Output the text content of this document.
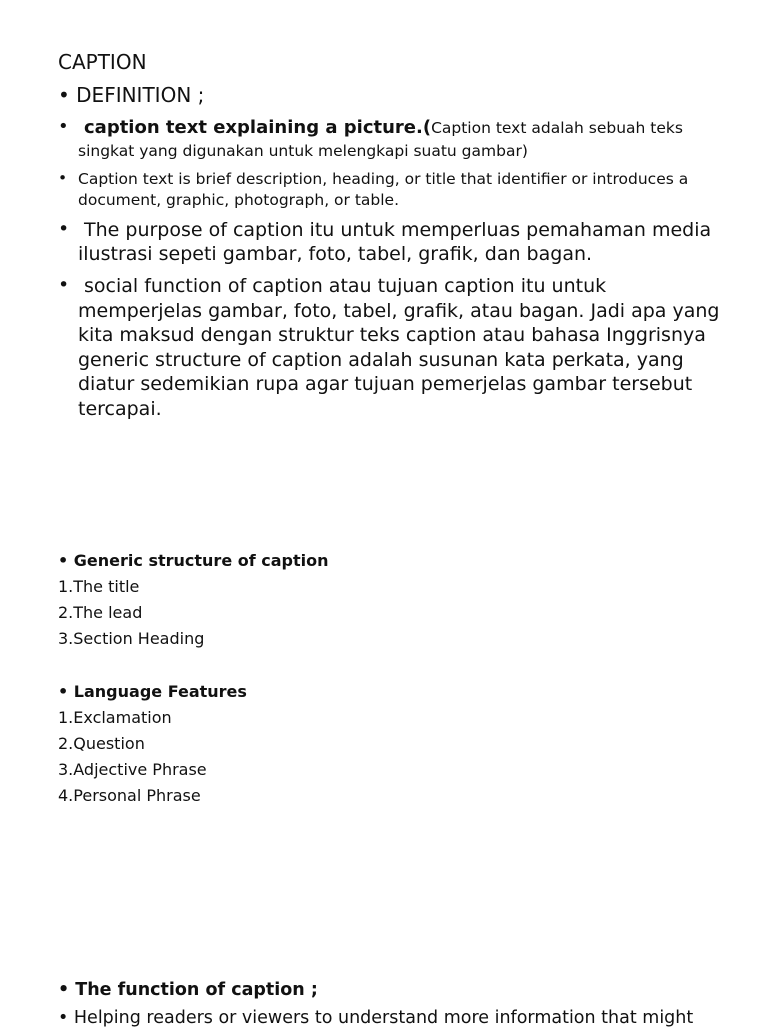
CAPTION
• DEFINITION ;
• caption text explaining a picture.(Caption text adalah sebuah teks singkat yang digunakan untuk melengkapi suatu gambar)
• Caption text is brief description, heading, or title that identifier or introduces a document, graphic, photograph, or table.
• The purpose of caption itu untuk memperluas pemahaman media ilustrasi sepeti gambar, foto, tabel, grafik, dan bagan.
• social function of caption atau tujuan caption itu untuk memperjelas gambar, foto, tabel, grafik, atau bagan. Jadi apa yang kita maksud dengan struktur teks caption atau bahasa Inggrisnya generic structure of caption adalah susunan kata perkata, yang diatur sedemikian rupa agar tujuan pemerjelas gambar tersebut tercapai.
• Generic structure of caption
1.The title
2.The lead
3.Section Heading
• Language Features
1.Exclamation
2.Question
3.Adjective Phrase
4.Personal Phrase
• The function of caption ;
• Helping readers or viewers to understand more information that might
